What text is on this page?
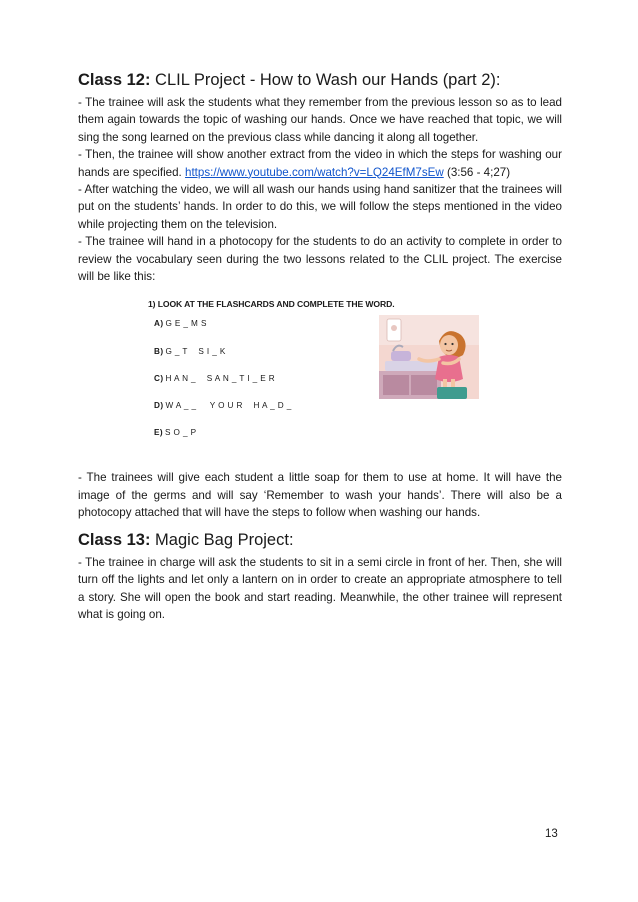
Class 12: CLIL Project - How to Wash our Hands (part 2):

- The trainee will ask the students what they remember from the previous lesson so as to lead them again towards the topic of washing our hands. Once we have reached that topic, we will sing the song learned on the previous class while dancing it along all together.

- Then, the trainee will show another extract from the video in which the steps for washing our hands are specified. https://www.youtube.com/watch?v=LQ24EfM7sEw (3:56 - 4;27)

- After watching the video, we will all wash our hands using hand sanitizer that the trainees will put on the students’ hands. In order to do this, we will follow the steps mentioned in the video while projecting them on the television.

- The trainee will hand in a photocopy for the students to do an activity to complete in order to review the vocabulary seen during the two lessons related to the CLIL project. The exercise will be like this:

1) LOOK AT THE FLASHCARDS AND COMPLETE THE WORD.
A) G E _ M S
B) G _ T    S I _ K
C) H A N _    S A N _ T I _ E R
D) W A _ _     Y O U R    H A _ D _
E) S O _ P

- The trainees will give each student a little soap for them to use at home. It will have the image of the germs and will say ‘Remember to wash your hands’. There will also be a photocopy attached that will have the steps to follow when washing our hands.

Class 13: Magic Bag Project:

- The trainee in charge will ask the students to sit in a semi circle in front of her. Then, she will turn off the lights and let only a lantern on in order to create an appropriate atmosphere to tell a story. She will open the book and start reading. Meanwhile, the other trainee will represent what is going on.

13
